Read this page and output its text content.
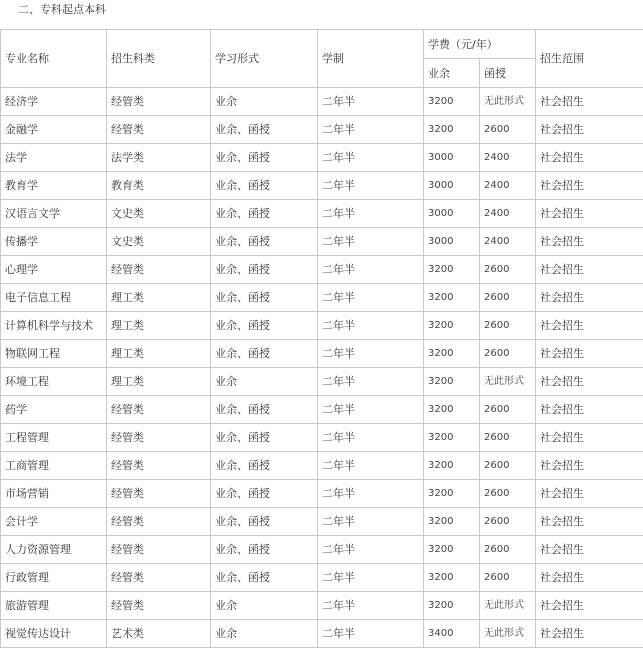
二、专科起点本科
专业名称	招生科类	学习形式	学制	学费（元/年）		招生范围
				业余	函授	
经济学	经管类	业余	二年半	3200	无此形式	社会招生
金融学	经管类	业余、函授	二年半	3200	2600	社会招生
法学	法学类	业余、函授	二年半	3000	2400	社会招生
教育学	教育类	业余、函授	二年半	3000	2400	社会招生
汉语言文学	文史类	业余、函授	二年半	3000	2400	社会招生
传播学	文史类	业余、函授	二年半	3000	2400	社会招生
心理学	经管类	业余、函授	二年半	3200	2600	社会招生
电子信息工程	理工类	业余、函授	二年半	3200	2600	社会招生
计算机科学与技术	理工类	业余、函授	二年半	3200	2600	社会招生
物联网工程	理工类	业余、函授	二年半	3200	2600	社会招生
环境工程	理工类	业余	二年半	3200	无此形式	社会招生
药学	经管类	业余、函授	二年半	3200	2600	社会招生
工程管理	经管类	业余、函授	二年半	3200	2600	社会招生
工商管理	经管类	业余、函授	二年半	3200	2600	社会招生
市场营销	经管类	业余、函授	二年半	3200	2600	社会招生
会计学	经管类	业余、函授	二年半	3200	2600	社会招生
人力资源管理	经管类	业余、函授	二年半	3200	2600	社会招生
行政管理	经管类	业余、函授	二年半	3200	2600	社会招生
旅游管理	经管类	业余	二年半	3200	无此形式	社会招生
视觉传达设计	艺术类	业余	二年半	3400	无此形式	社会招生
